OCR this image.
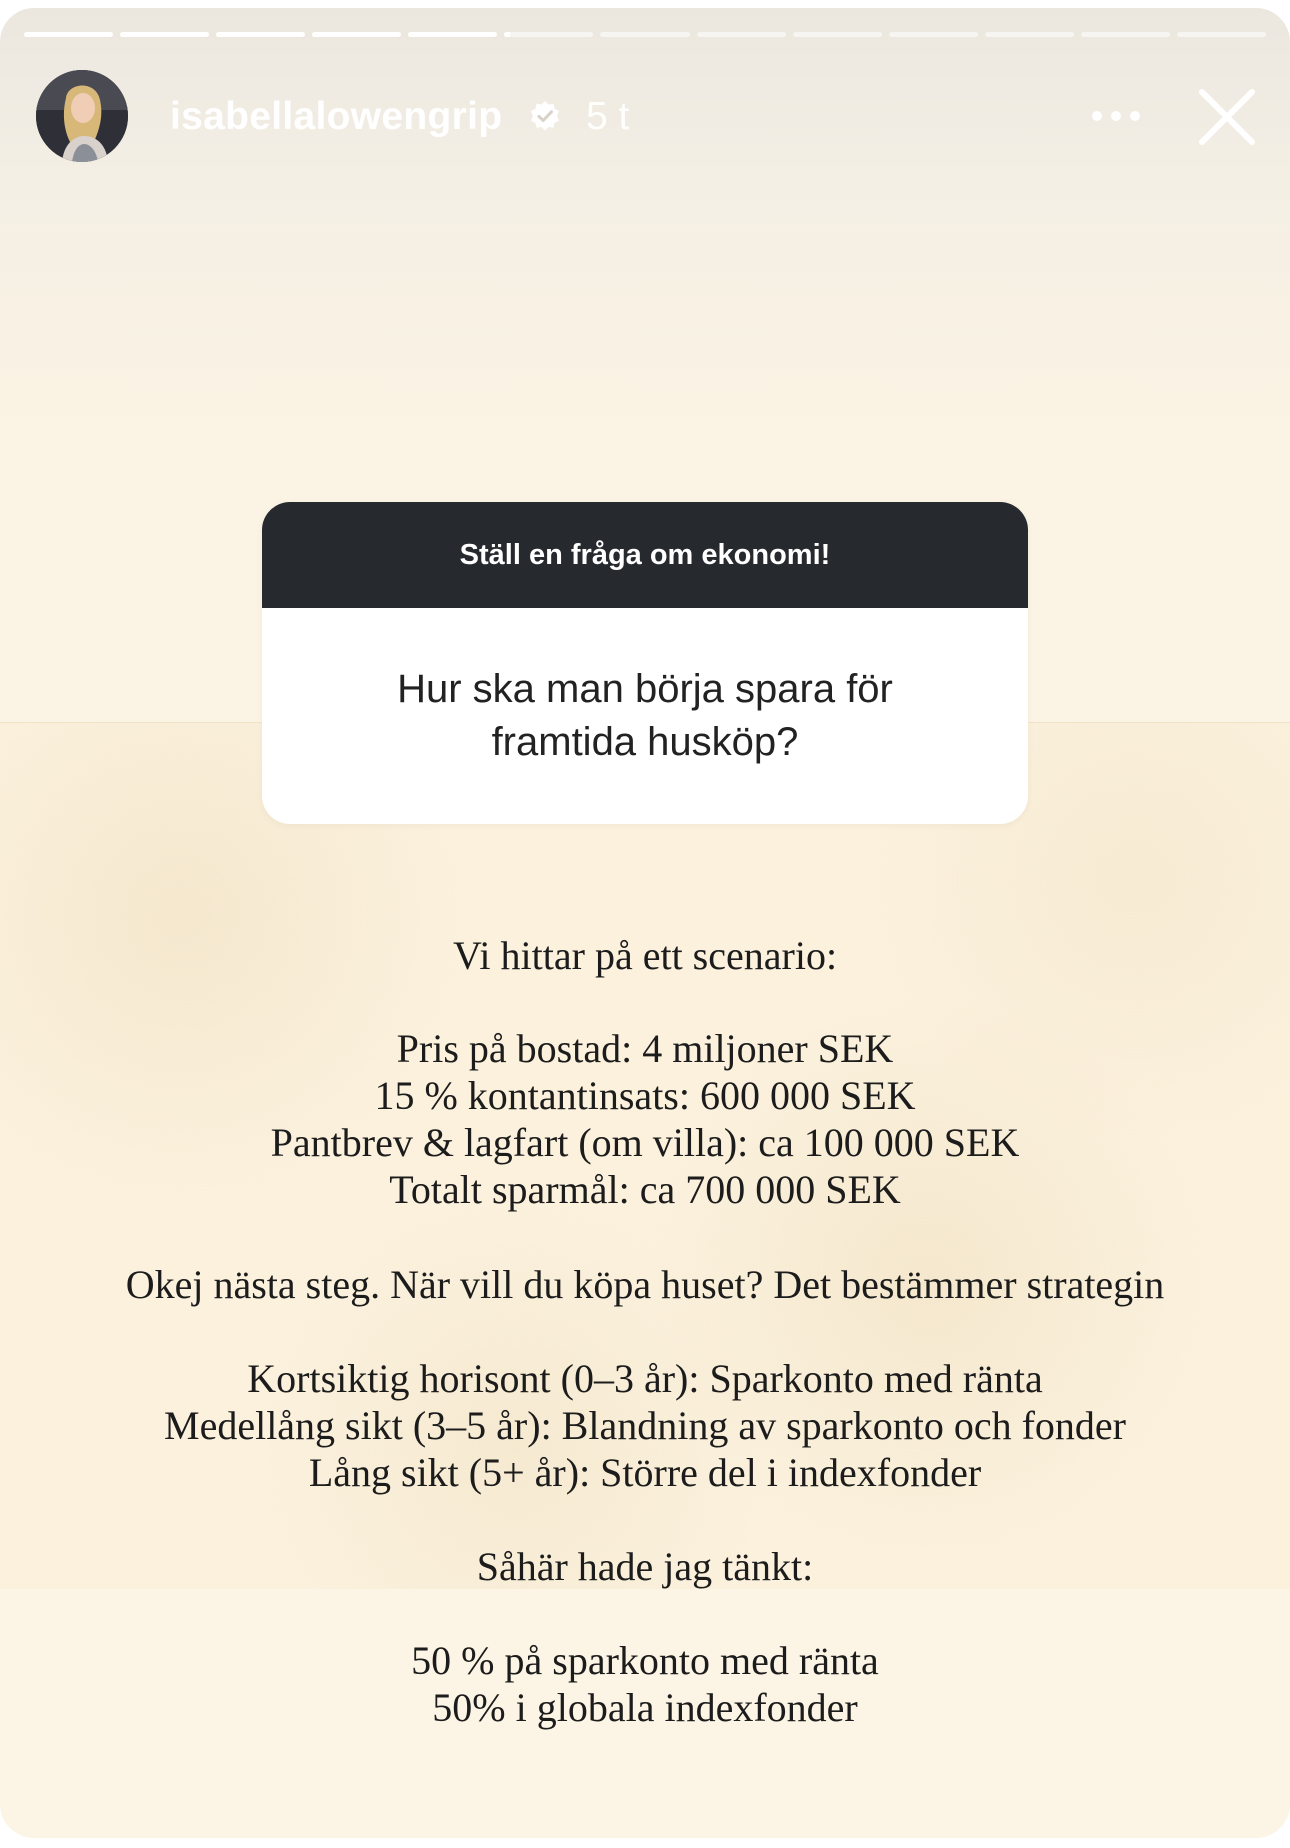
isabellalowengrip 5 t
Ställ en fråga om ekonomi!
Hur ska man börja spara för
framtida husköp?
Vi hittar på ett scenario:
Pris på bostad: 4 miljoner SEK
15 % kontantinsats: 600 000 SEK
Pantbrev & lagfart (om villa): ca 100 000 SEK
Totalt sparmål: ca 700 000 SEK
Okej nästa steg. När vill du köpa huset? Det bestämmer strategin
Kortsiktig horisont (0–3 år): Sparkonto med ränta
Medellång sikt (3–5 år): Blandning av sparkonto och fonder
Lång sikt (5+ år): Större del i indexfonder
Såhär hade jag tänkt:
50 % på sparkonto med ränta
50% i globala indexfonder
